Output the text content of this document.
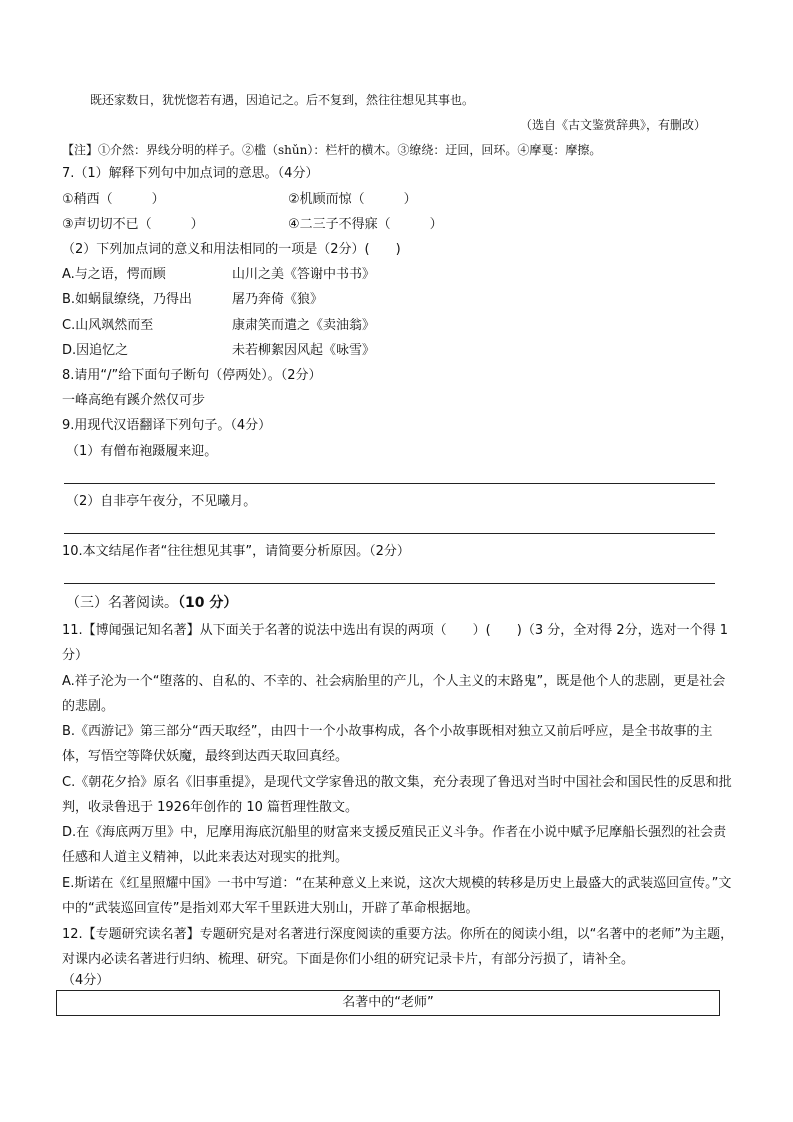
既还家数日，犹恍惚若有遇，因追记之。后不复到，然往往想见其事也。
（选自《古文鉴赏辞典》，有删改）
【注】①介然：界线分明的样子。②槛（shǔn）：栏杆的横木。③缭绕：迂回，回环。④摩戛：摩擦。
7.（1）解释下列句中加点词的意思。（4分）
①稍西（　　　）	②机顾而惊（　　　）
③声切切不已（　　　）	④二三子不得寐（　　　）
（2）下列加点词的意义和用法相同的一项是（2分）(　　)
A.与之语，愕而顾	山川之美《答谢中书书》
B.如蜗鼠缭绕，乃得出	屠乃奔倚《狼》
C.山风飒然而至	康肃笑而遣之《卖油翁》
D.因追忆之	未若柳絮因风起《咏雪》
8.请用“/”给下面句子断句（停两处）。（2分）
一峰高绝有蹊介然仅可步
9.用现代汉语翻译下列句子。（4分）
（1）有僧布袍蹑履来迎。
（2）自非亭午夜分，不见曦月。
10.本文结尾作者“往往想见其事”，请简要分析原因。（2分）
（三）名著阅读。（10 分）
11.【博闻强记知名著】从下面关于名著的说法中选出有误的两项（　　）(　　)（3 分，全对得 2分，选对一个得 1分）
A.祥子沦为一个“堕落的、自私的、不幸的、社会病胎里的产儿，个人主义的末路鬼”，既是他个人的悲剧，更是社会的悲剧。
B.《西游记》第三部分“西天取经”，由四十一个小故事构成，各个小故事既相对独立又前后呼应，是全书故事的主体，写悟空等降伏妖魔，最终到达西天取回真经。
C.《朝花夕拾》原名《旧事重提》，是现代文学家鲁迅的散文集，充分表现了鲁迅对当时中国社会和国民性的反思和批判，收录鲁迅于 1926年创作的 10 篇哲理性散文。
D.在《海底两万里》中，尼摩用海底沉船里的财富来支援反殖民正义斗争。作者在小说中赋予尼摩船长强烈的社会责任感和人道主义精神，以此来表达对现实的批判。
E.斯诺在《红星照耀中国》一书中写道：“在某种意义上来说，这次大规模的转移是历史上最盛大的武装巡回宣传。”文中的“武装巡回宣传”是指刘邓大军千里跃进大别山，开辟了革命根据地。
12.【专题研究读名著】专题研究是对名著进行深度阅读的重要方法。你所在的阅读小组，以“名著中的老师”为主题，对课内必读名著进行归纳、梳理、研究。下面是你们小组的研究记录卡片，有部分污损了，请补全。
（4分）
名著中的“老师”
